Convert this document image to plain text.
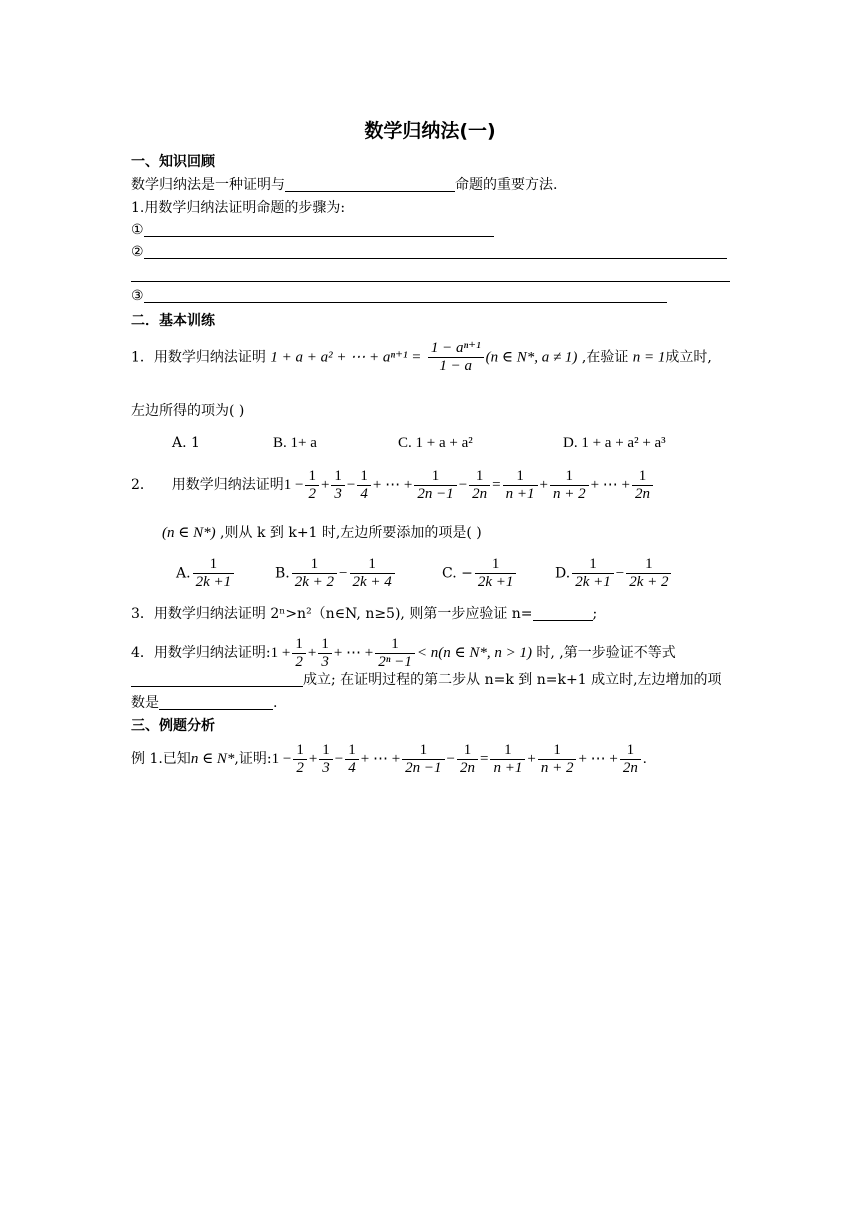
数学归纳法(一)
一、知识回顾
数学归纳法是一种证明与	命题的重要方法.
1.用数学归纳法证明命题的步骤为:
①
②
③
二．基本训练
1．用数学归纳法证明 1 + a + a² + ⋯ + $a^{n+1} = \frac{\text{1 − aⁿ⁺¹}}{1 - a} (n$ ∈ N*, a ≠ 1) ,在验证 n = 1成立时,
左边所得的项为( )
A. 1	B. 1+ a	C. 1 + a + a²	D. 1 + a + a² + a³
2． 用数学归纳法证明$1 - \frac{1}{2} + \frac{1}{3} - \frac{1}{4}$ + ⋯ + $\frac{1}{2n -1} - \frac{1}{2n} = \frac{1}{n +1} + \frac{1}{n + 2}$ + ⋯ + $\frac{1}{2n}$
(n ∈ N*) ,则从 k 到 k+1 时,左边所要添加的项是( )
A. $\frac{1}{2k +1}$	B. $\frac{1}{2k + 2} - \frac{1}{2k + 4}$	C. − $\frac{1}{2k +1}$	D. $\frac{1}{2k +1} - \frac{1}{2k + 2}$
3．用数学归纳法证明 2ⁿ>n²（n∈N, n≥5), 则第一步应验证 n=	;
4．用数学归纳法证明:1 + $\frac{1}{2} + \frac{1}{3}$ + ⋯ + $\frac{1}{\text{2ⁿ −1}} < n(n$ ∈ N*, n > 1) 时, ,第一步验证不等式
成立; 在证明过程的第二步从 n=k 到 n=k+1 成立时,左边增加的项
数是	.
三、例题分析
例 1.已知n ∈ N*,证明:1 − $\frac{1}{2} + \frac{1}{3} - \frac{1}{4}$ + ⋯ + $\frac{1}{2n -1} - \frac{1}{2n} = \frac{1}{n +1} + \frac{1}{n + 2}$ + ⋯ + $\frac{1}{2n}$ .
